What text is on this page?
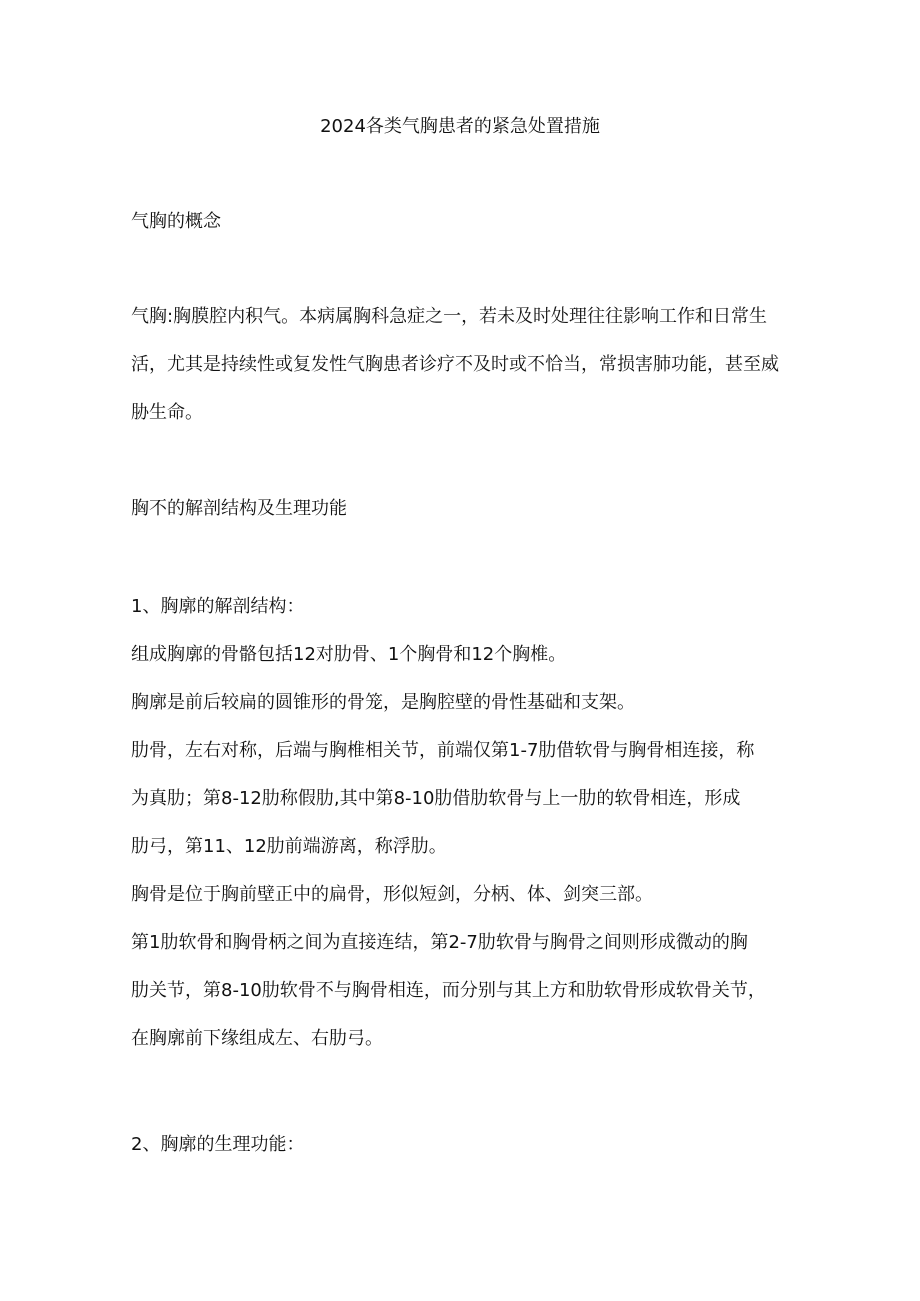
2024各类气胸患者的紧急处置措施
气胸的概念
气胸:胸膜腔内积气。本病属胸科急症之一，若未及时处理往往影响工作和日常生
活，尤其是持续性或复发性气胸患者诊疗不及时或不恰当，常损害肺功能，甚至威
胁生命。
胸不的解剖结构及生理功能
1、胸廓的解剖结构：
组成胸廓的骨骼包括12对肋骨、1个胸骨和12个胸椎。
胸廓是前后较扁的圆锥形的骨笼，是胸腔壁的骨性基础和支架。
肋骨，左右对称，后端与胸椎相关节，前端仅第1-7肋借软骨与胸骨相连接，称
为真肋；第8-12肋称假肋,其中第8-10肋借肋软骨与上一肋的软骨相连，形成
肋弓，第11、12肋前端游离，称浮肋。
胸骨是位于胸前壁正中的扁骨，形似短剑，分柄、体、剑突三部。
第1肋软骨和胸骨柄之间为直接连结，第2-7肋软骨与胸骨之间则形成微动的胸
肋关节，第8-10肋软骨不与胸骨相连，而分别与其上方和肋软骨形成软骨关节，
在胸廓前下缘组成左、右肋弓。
2、胸廓的生理功能：
